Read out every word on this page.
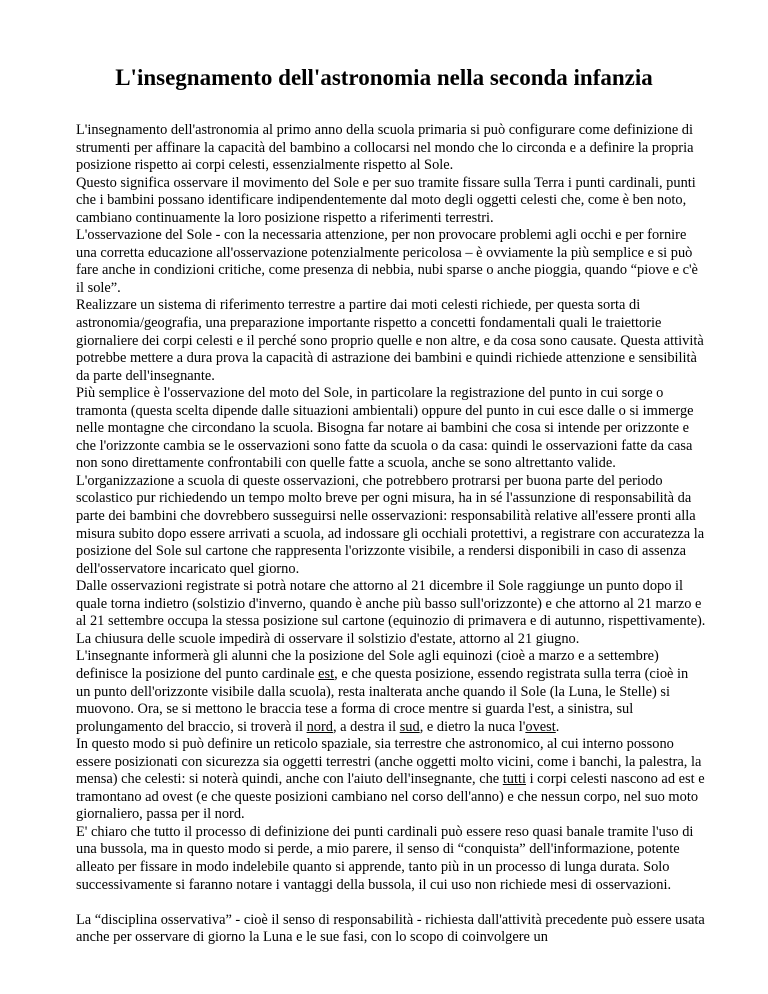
L'insegnamento dell'astronomia nella seconda infanzia

L'insegnamento dell'astronomia al primo anno della scuola primaria si può configurare come definizione di strumenti per affinare la capacità del bambino a collocarsi nel mondo che lo circonda e a definire la propria posizione rispetto ai corpi celesti, essenzialmente rispetto al Sole.

Questo significa osservare il movimento del Sole e per suo tramite fissare sulla Terra i punti cardinali, punti che i bambini possano identificare indipendentemente dal moto degli oggetti celesti che, come è ben noto, cambiano continuamente la loro posizione rispetto a riferimenti terrestri.

L'osservazione del Sole - con la necessaria attenzione, per non provocare problemi agli occhi e per fornire una corretta educazione all'osservazione potenzialmente pericolosa – è ovviamente la più semplice e si può fare anche in condizioni critiche, come presenza di nebbia, nubi sparse o anche pioggia, quando “piove e c'è il sole”.

Realizzare un sistema di riferimento terrestre a partire dai moti celesti richiede, per questa sorta di astronomia/geografia, una preparazione importante rispetto a concetti fondamentali quali le traiettorie giornaliere dei corpi celesti e il perché sono proprio quelle e non altre, e da cosa sono causate. Questa attività potrebbe mettere a dura prova la capacità di astrazione dei bambini e quindi richiede attenzione e sensibilità da parte dell'insegnante.

Più semplice è l'osservazione del moto del Sole, in particolare la registrazione del punto in cui sorge o tramonta (questa scelta dipende dalle situazioni ambientali) oppure del punto in cui esce dalle o si immerge nelle montagne che circondano la scuola. Bisogna far notare ai bambini che cosa si intende per orizzonte e che l'orizzonte cambia se le osservazioni sono fatte da scuola o da casa: quindi le osservazioni fatte da casa non sono direttamente confrontabili con quelle fatte a scuola, anche se sono altrettanto valide. L'organizzazione a scuola di queste osservazioni, che potrebbero protrarsi per buona parte del periodo scolastico pur richiedendo un tempo molto breve per ogni misura, ha in sé l'assunzione di responsabilità da parte dei bambini che dovrebbero susseguirsi nelle osservazioni: responsabilità relative all'essere pronti alla misura subito dopo essere arrivati a scuola, ad indossare gli occhiali protettivi, a registrare con accuratezza la posizione del Sole sul cartone che rappresenta l'orizzonte visibile, a rendersi disponibili in caso di assenza dell'osservatore incaricato quel giorno.

Dalle osservazioni registrate si potrà notare che attorno al 21 dicembre il Sole raggiunge un punto dopo il quale torna indietro (solstizio d'inverno, quando è anche più basso sull'orizzonte) e che attorno al 21 marzo e al 21 settembre occupa la stessa posizione sul cartone (equinozio di primavera e di autunno, rispettivamente). La chiusura delle scuole impedirà di osservare il solstizio d'estate, attorno al 21 giugno.

L'insegnante informerà gli alunni che la posizione del Sole agli equinozi (cioè a marzo e a settembre) definisce la posizione del punto cardinale est, e che questa posizione, essendo registrata sulla terra (cioè in un punto dell'orizzonte visibile dalla scuola), resta inalterata anche quando il Sole (la Luna, le Stelle) si muovono. Ora, se si mettono le braccia tese a forma di croce mentre si guarda l'est, a sinistra, sul prolungamento del braccio, si troverà il nord, a destra il sud, e dietro la nuca l'ovest.

In questo modo si può definire un reticolo spaziale, sia terrestre che astronomico, al cui interno possono essere posizionati con sicurezza sia oggetti terrestri (anche oggetti molto vicini, come i banchi, la palestra, la mensa) che celesti: si noterà quindi, anche con l'aiuto dell'insegnante, che tutti i corpi celesti nascono ad est e tramontano ad ovest (e che queste posizioni cambiano nel corso dell'anno) e che nessun corpo, nel suo moto giornaliero, passa per il nord.

E' chiaro che tutto il processo di definizione dei punti cardinali può essere reso quasi banale tramite l'uso di una bussola, ma in questo modo si perde, a mio parere, il senso di “conquista” dell'informazione, potente alleato per fissare in modo indelebile quanto si apprende, tanto più in un processo di lunga durata. Solo successivamente si faranno notare i vantaggi della bussola, il cui uso non richiede mesi di osservazioni.

La “disciplina osservativa” - cioè il senso di responsabilità - richiesta dall'attività precedente può essere usata anche per osservare di giorno la Luna e le sue fasi, con lo scopo di coinvolgere un
